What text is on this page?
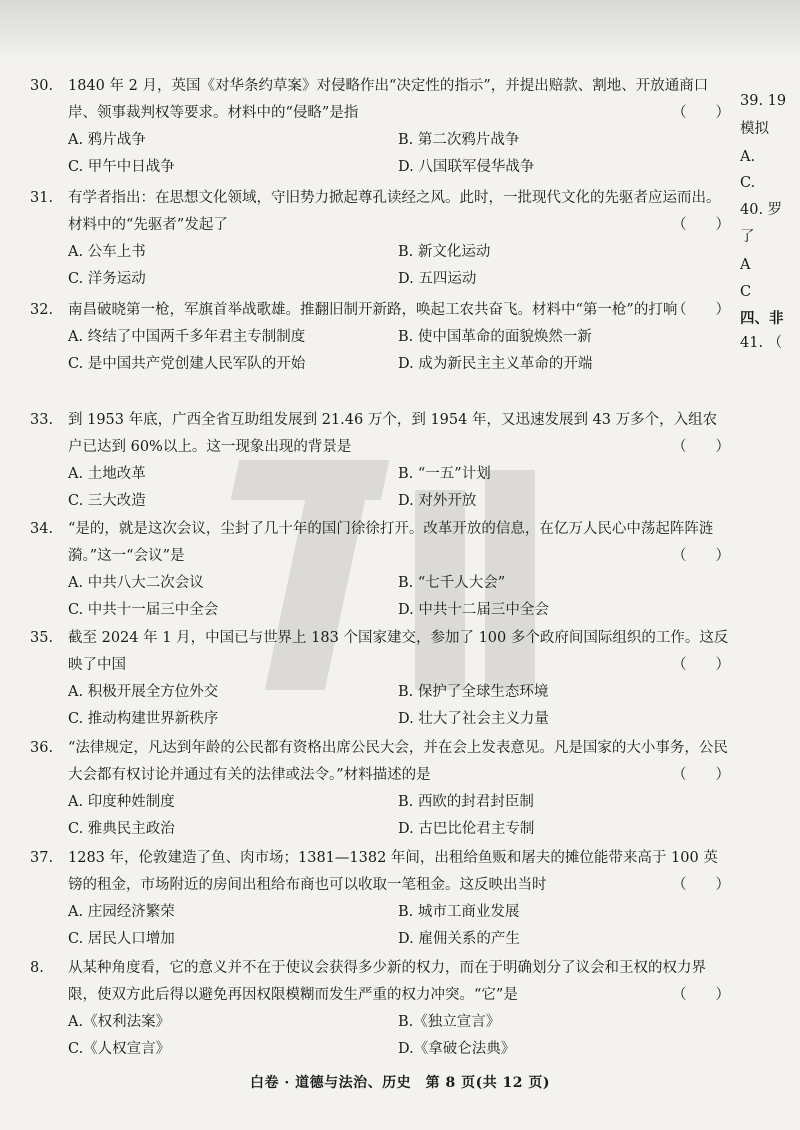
30. 1840 年 2 月，英国《对华条约草案》对侵略作出“决定性的指示”，并提出赔款、割地、开放通商口岸、领事裁判权等要求。材料中的“侵略”是指	（　　）
A. 鸦片战争	B. 第二次鸦片战争
C. 甲午中日战争	D. 八国联军侵华战争
31. 有学者指出：在思想文化领域，守旧势力掀起尊孔读经之风。此时，一批现代文化的先驱者应运而出。材料中的“先驱者”发起了	（　　）
A. 公车上书	B. 新文化运动
C. 洋务运动	D. 五四运动
32. 南昌破晓第一枪，军旗首举战歌雄。推翻旧制开新路，唤起工农共奋飞。材料中“第一枪”的打响
（　　）
A. 终结了中国两千多年君主专制制度	B. 使中国革命的面貌焕然一新
C. 是中国共产党创建人民军队的开始	D. 成为新民主主义革命的开端
33. 到 1953 年底，广西全省互助组发展到 21.46 万个，到 1954 年，又迅速发展到 43 万多个，入组农户已达到 60%以上。这一现象出现的背景是	（　　）
A. 土地改革	B. “一五”计划
C. 三大改造	D. 对外开放
34. “是的，就是这次会议，尘封了几十年的国门徐徐打开。改革开放的信息，在亿万人民心中荡起阵阵涟漪。”这一“会议”是	（　　）
A. 中共八大二次会议	B. “七千人大会”
C. 中共十一届三中全会	D. 中共十二届三中全会
35. 截至 2024 年 1 月，中国已与世界上 183 个国家建交，参加了 100 多个政府间国际组织的工作。这反映了中国	（　　）
A. 积极开展全方位外交	B. 保护了全球生态环境
C. 推动构建世界新秩序	D. 壮大了社会主义力量
36. “法律规定，凡达到年龄的公民都有资格出席公民大会，并在会上发表意见。凡是国家的大小事务，公民大会都有权讨论并通过有关的法律或法令。”材料描述的是	（　　）
A. 印度种姓制度	B. 西欧的封君封臣制
C. 雅典民主政治	D. 古巴比伦君主专制
37. 1283 年，伦敦建造了鱼、肉市场；1381—1382 年间，出租给鱼贩和屠夫的摊位能带来高于 100 英镑的租金，市场附近的房间出租给布商也可以收取一笔租金。这反映出当时	（　　）
A. 庄园经济繁荣	B. 城市工商业发展
C. 居民人口增加	D. 雇佣关系的产生
8. 从某种角度看，它的意义并不在于使议会获得多少新的权力，而在于明确划分了议会和王权的权力界限，使双方此后得以避免再因权限模糊而发生严重的权力冲突。“它”是	（　　）
A.《权利法案》	B.《独立宣言》
C.《人权宣言》	D.《拿破仑法典》
39. 19
模拟
A.
C.
40. 罗
了
A
C
四、非
41. （
白卷 · 道德与法治、历史　第 8 页(共 12 页)
